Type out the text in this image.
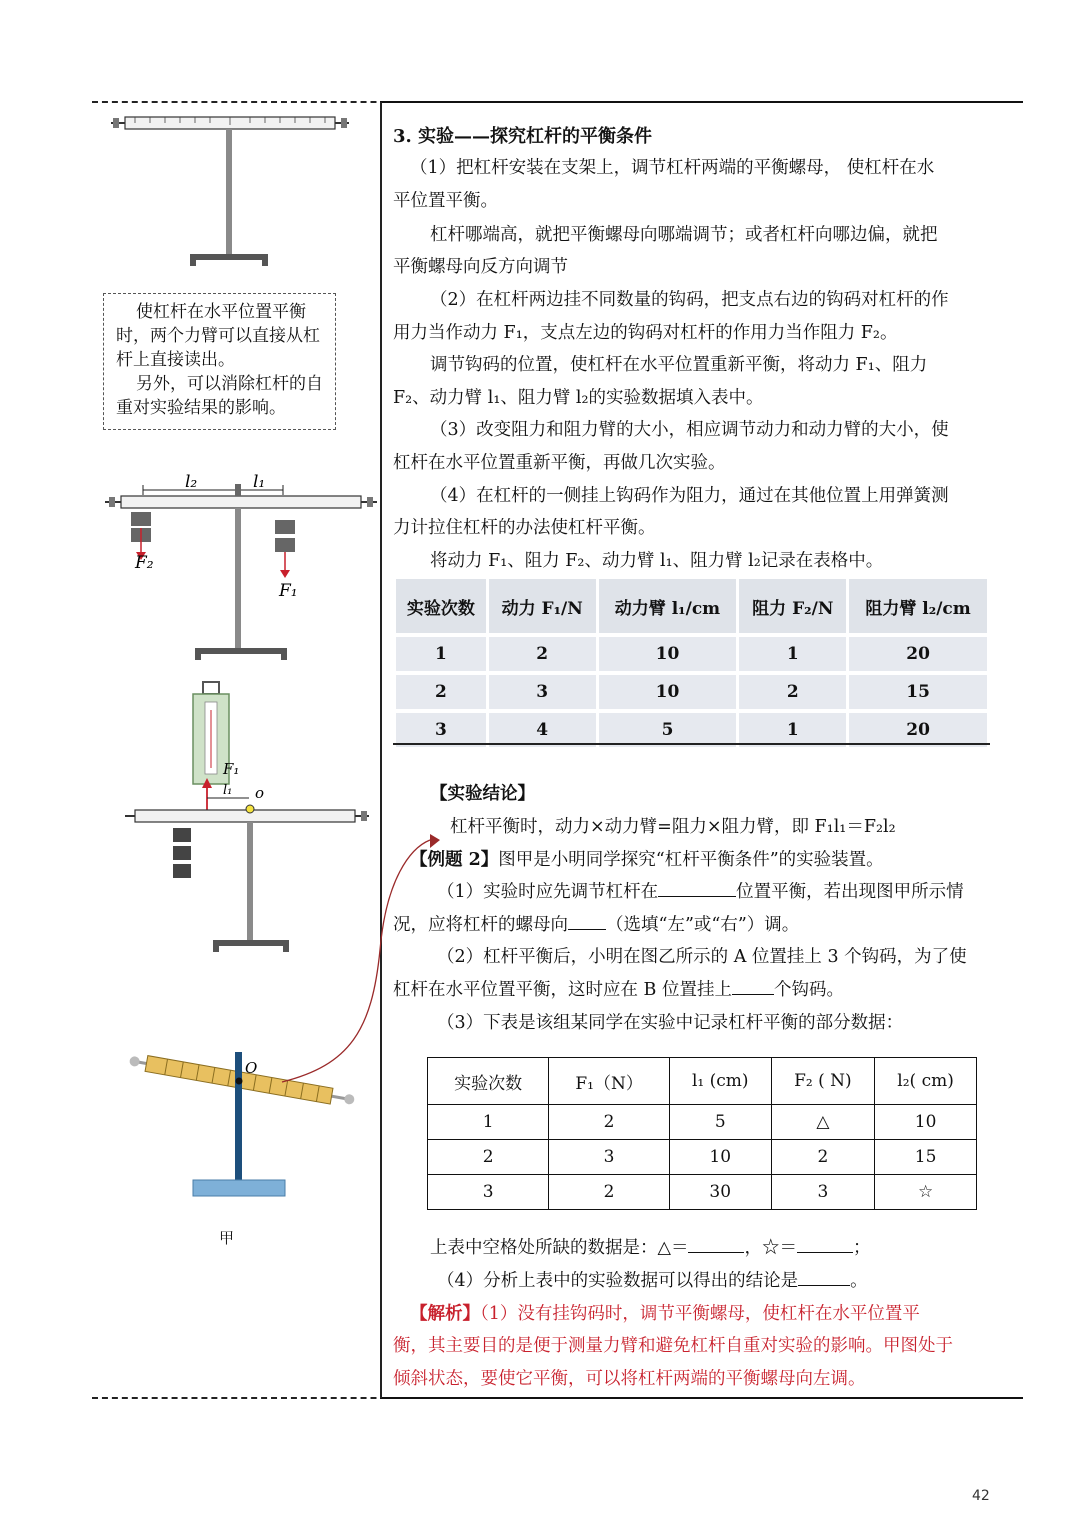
使杠杆在水平位置平衡
时，两个力臂可以直接从杠
杆上直接读出。
另外，可以消除杠杆的自
重对实验结果的影响。
l₂	l₁
F₂
F₁
F₁
l₁ o
O
甲
3. 实验——探究杠杆的平衡条件
（1）把杠杆安装在支架上，调节杠杆两端的平衡螺母， 使杠杆在水
平位置平衡。
杠杆哪端高，就把平衡螺母向哪端调节；或者杠杆向哪边偏，就把
平衡螺母向反方向调节
（2）在杠杆两边挂不同数量的钩码，把支点右边的钩码对杠杆的作
用力当作动力 F₁，支点左边的钩码对杠杆的作用力当作阻力 F₂。
调节钩码的位置，使杠杆在水平位置重新平衡，将动力 F₁、阻力
F₂、动力臂 l₁、阻力臂 l₂的实验数据填入表中。
（3）改变阻力和阻力臂的大小，相应调节动力和动力臂的大小，使
杠杆在水平位置重新平衡，再做几次实验。
（4）在杠杆的一侧挂上钩码作为阻力，通过在其他位置上用弹簧测
力计拉住杠杆的办法使杠杆平衡。
将动力 F₁、阻力 F₂、动力臂 l₁、阻力臂 l₂记录在表格中。
实验次数	动力 F₁/N	动力臂 l₁/cm	阻力 F₂/N	阻力臂 l₂/cm
1	2	10	1	20
2	3	10	2	15
3	4	5	1	20
【实验结论】
杠杆平衡时，动力×动力臂=阻力×阻力臂，即 F₁l₁＝F₂l₂
【例题 2】图甲是小明同学探究“杠杆平衡条件”的实验装置。
（1）实验时应先调节杠杆在	位置平衡，若出现图甲所示情
况，应将杠杆的螺母向 （选填“左”或“右”）调。
（2）杠杆平衡后，小明在图乙所示的 A 位置挂上 3 个钩码，为了使
杠杆在水平位置平衡，这时应在 B 位置挂上 个钩码。
（3）下表是该组某同学在实验中记录杠杆平衡的部分数据：
实验次数	F₁（N）	l₁ (cm)	F₂ ( N)	l₂( cm)
1	2	5	△	10
2	3	10	2	15
3	2	30	3	☆
上表中空格处所缺的数据是：△＝	，☆＝	；
（4）分析上表中的实验数据可以得出的结论是	。
【解析】（1）没有挂钩码时，调节平衡螺母，使杠杆在水平位置平
衡，其主要目的是便于测量力臂和避免杠杆自重对实验的影响。甲图处于
倾斜状态，要使它平衡，可以将杠杆两端的平衡螺母向左调。
42
